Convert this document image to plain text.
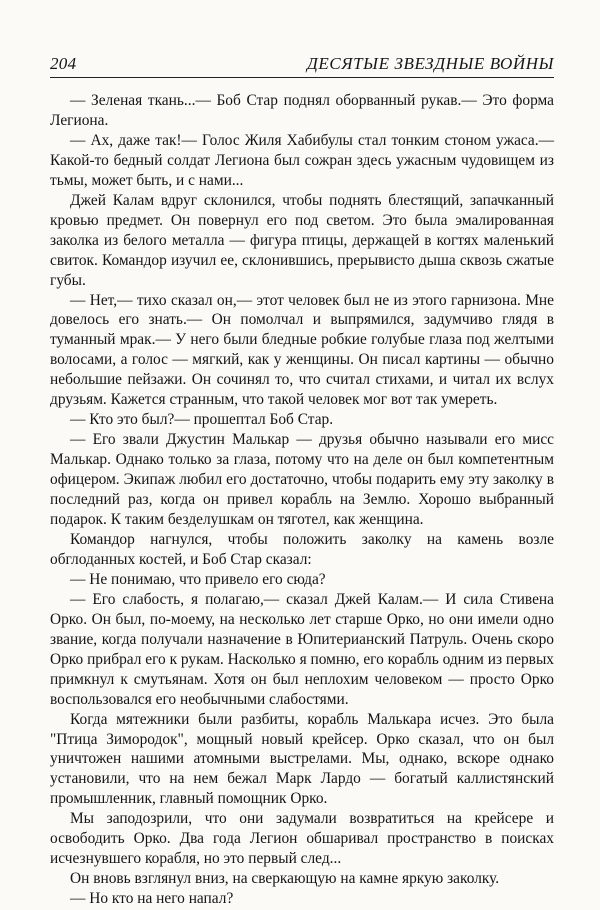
204	ДЕСЯТЫЕ ЗВЕЗДНЫЕ ВОЙНЫ

— Зеленая ткань...— Боб Стар поднял оборванный рукав.— Это форма Легиона.

— Ах, даже так!— Голос Жиля Хабибулы стал тонким стоном ужаса.— Какой-то бедный солдат Легиона был сожран здесь ужасным чудовищем из тьмы, может быть, и с нами...

Джей Калам вдруг склонился, чтобы поднять блестящий, запачканный кровью предмет. Он повернул его под светом. Это была эмалированная заколка из белого металла — фигура птицы, держащей в когтях маленький свиток. Командор изучил ее, склонившись, прерывисто дыша сквозь сжатые губы.

— Нет,— тихо сказал он,— этот человек был не из этого гарнизона. Мне довелось его знать.— Он помолчал и выпрямился, задумчиво глядя в туманный мрак.— У него были бледные робкие голубые глаза под желтыми волосами, а голос — мягкий, как у женщины. Он писал картины — обычно небольшие пейзажи. Он сочинял то, что считал стихами, и читал их вслух друзьям. Кажется странным, что такой человек мог вот так умереть.

— Кто это был?— прошептал Боб Стар.

— Его звали Джустин Малькар — друзья обычно называли его мисс Малькар. Однако только за глаза, потому что на деле он был компетентным офицером. Экипаж любил его достаточно, чтобы подарить ему эту заколку в последний раз, когда он привел корабль на Землю. Хорошо выбранный подарок. К таким безделушкам он тяготел, как женщина.

Командор нагнулся, чтобы положить заколку на камень возле обглоданных костей, и Боб Стар сказал:

— Не понимаю, что привело его сюда?

— Его слабость, я полагаю,— сказал Джей Калам.— И сила Стивена Орко. Он был, по-моему, на несколько лет старше Орко, но они имели одно звание, когда получали назначение в Юпитерианский Патруль. Очень скоро Орко прибрал его к рукам. Насколько я помню, его корабль одним из первых примкнул к смутьянам. Хотя он был неплохим человеком — просто Орко воспользовался его необычными слабостями.

Когда мятежники были разбиты, корабль Малькара исчез. Это была "Птица Зимородок", мощный новый крейсер. Орко сказал, что он был уничтожен нашими атомными выстрелами. Мы, однако, вскоре однако установили, что на нем бежал Марк Лардо — богатый каллистянский промышленник, главный помощник Орко.

Мы заподозрили, что они задумали возвратиться на крейсере и освободить Орко. Два года Легион обшаривал пространство в поисках исчезнувшего корабля, но это первый след...

Он вновь взглянул вниз, на сверкающую на камне яркую заколку.

— Но кто на него напал?
